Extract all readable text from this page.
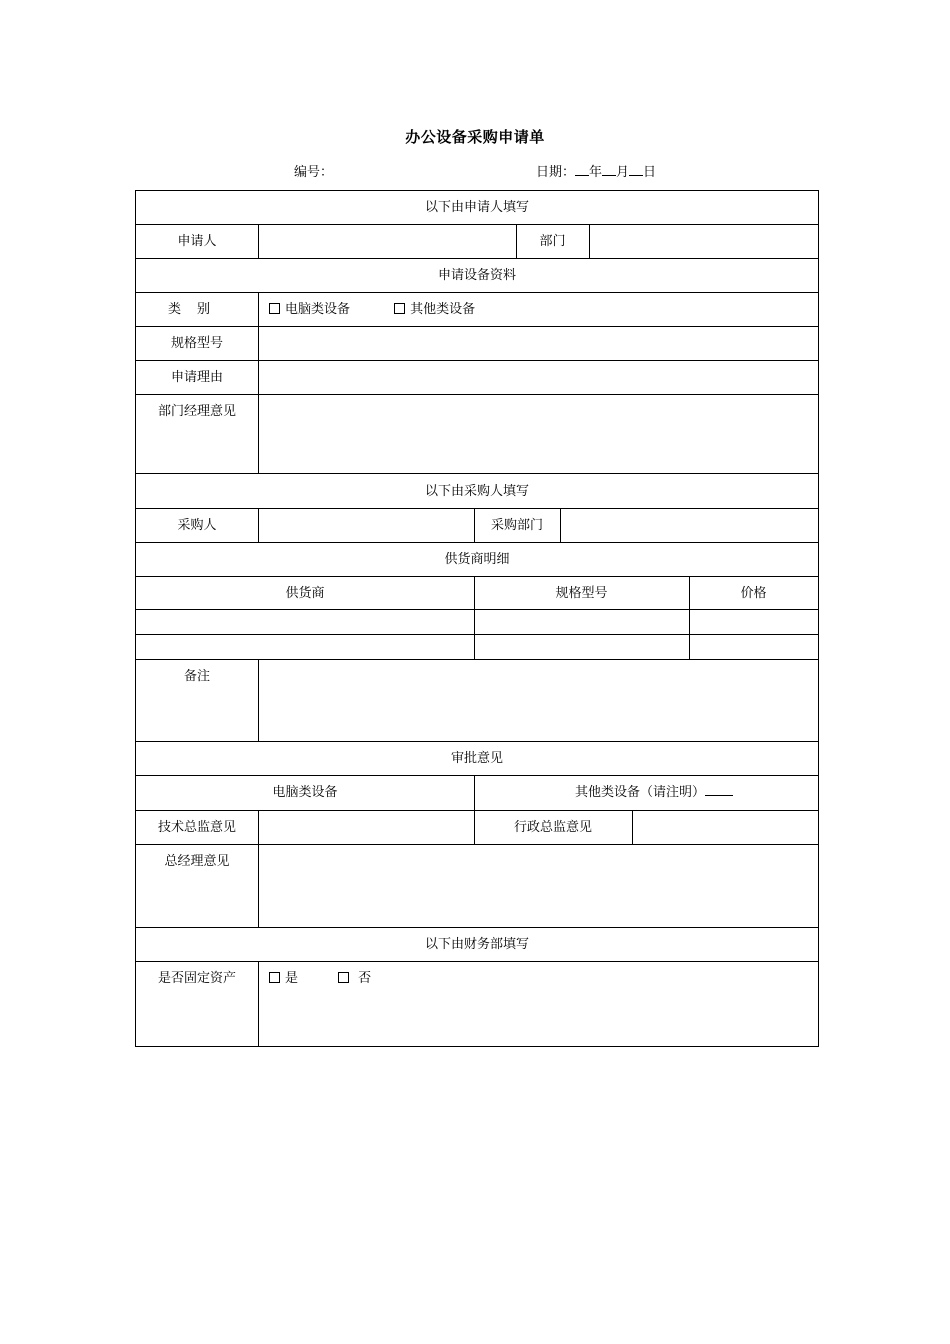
办公设备采购申请单
编号：	日期： 年 月 日
以下由申请人填写
申请人	部门
申请设备资料
类别	电脑类设备	其他类设备
规格型号
申请理由
部门经理意见
以下由采购人填写
采购人	采购部门
供货商明细
供货商	规格型号	价格
备注
审批意见
电脑类设备	其他类设备（请注明）
技术总监意见	行政总监意见
总经理意见
以下由财务部填写
是否固定资产	是	否
